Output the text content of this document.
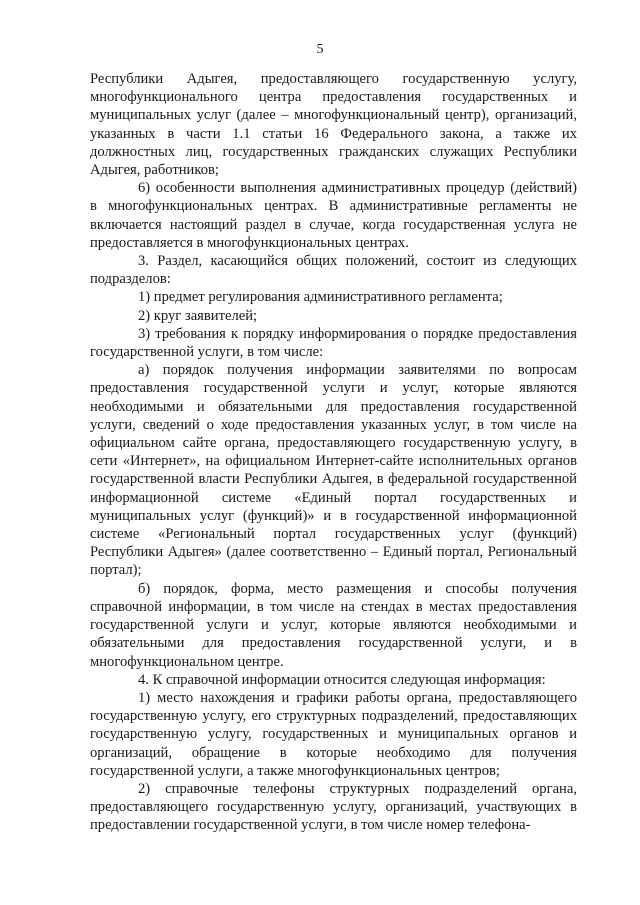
5

Республики Адыгея, предоставляющего государственную услугу, многофункционального центра предоставления государственных и муниципальных услуг (далее – многофункциональный центр), организаций, указанных в части 1.1 статьи 16 Федерального закона, а также их должностных лиц, государственных гражданских служащих Республики Адыгея, работников;

6) особенности выполнения административных процедур (действий) в многофункциональных центрах. В административные регламенты не включается настоящий раздел в случае, когда государственная услуга не предоставляется в многофункциональных центрах.

3. Раздел, касающийся общих положений, состоит из следующих подразделов:

1) предмет регулирования административного регламента;

2) круг заявителей;

3) требования к порядку информирования о порядке предоставления государственной услуги, в том числе:

а) порядок получения информации заявителями по вопросам предоставления государственной услуги и услуг, которые являются необходимыми и обязательными для предоставления государственной услуги, сведений о ходе предоставления указанных услуг, в том числе на официальном сайте органа, предоставляющего государственную услугу, в сети «Интернет», на официальном Интернет-сайте исполнительных органов государственной власти Республики Адыгея, в федеральной государственной информационной системе «Единый портал государственных и муниципальных услуг (функций)» и в государственной информационной системе «Региональный портал государственных услуг (функций) Республики Адыгея» (далее соответственно – Единый портал, Региональный портал);

б) порядок, форма, место размещения и способы получения справочной информации, в том числе на стендах в местах предоставления государственной услуги и услуг, которые являются необходимыми и обязательными для предоставления государственной услуги, и в многофункциональном центре.

4. К справочной информации относится следующая информация:

1) место нахождения и графики работы органа, предоставляющего государственную услугу, его структурных подразделений, предоставляющих государственную услугу, государственных и муниципальных органов и организаций, обращение в которые необходимо для получения государственной услуги, а также многофункциональных центров;

2) справочные телефоны структурных подразделений органа, предоставляющего государственную услугу, организаций, участвующих в предоставлении государственной услуги, в том числе номер телефона-
